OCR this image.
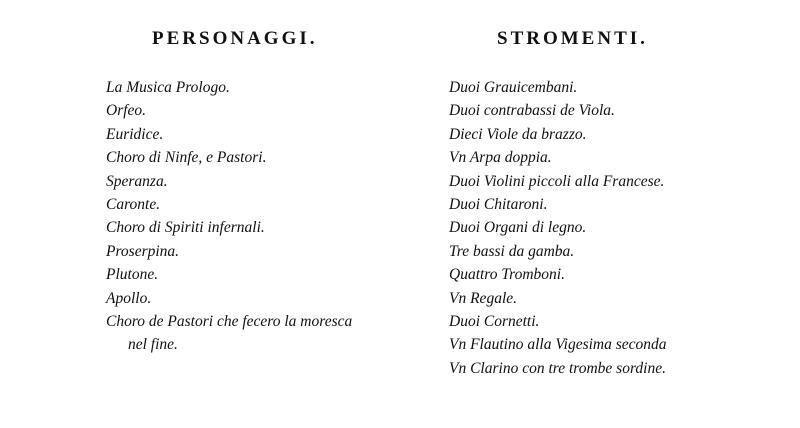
PERSONAGGI.
La Musica Prologo.
Orfeo.
Euridice.
Choro di Ninfe, e Pastori.
Speranza.
Caronte.
Choro di Spiriti infernali.
Proserpina.
Plutone.
Apollo.
Choro de Pastori che fecero la moresca
nel fine.
STROMENTI.
Duoi Grauicembani.
Duoi contrabassi de Viola.
Dieci Viole da brazzo.
Vn Arpa doppia.
Duoi Violini piccoli alla Francese.
Duoi Chitaroni.
Duoi Organi di legno.
Tre bassi da gamba.
Quattro Tromboni.
Vn Regale.
Duoi Cornetti.
Vn Flautino alla Vigesima seconda
Vn Clarino con tre trombe sordine.
